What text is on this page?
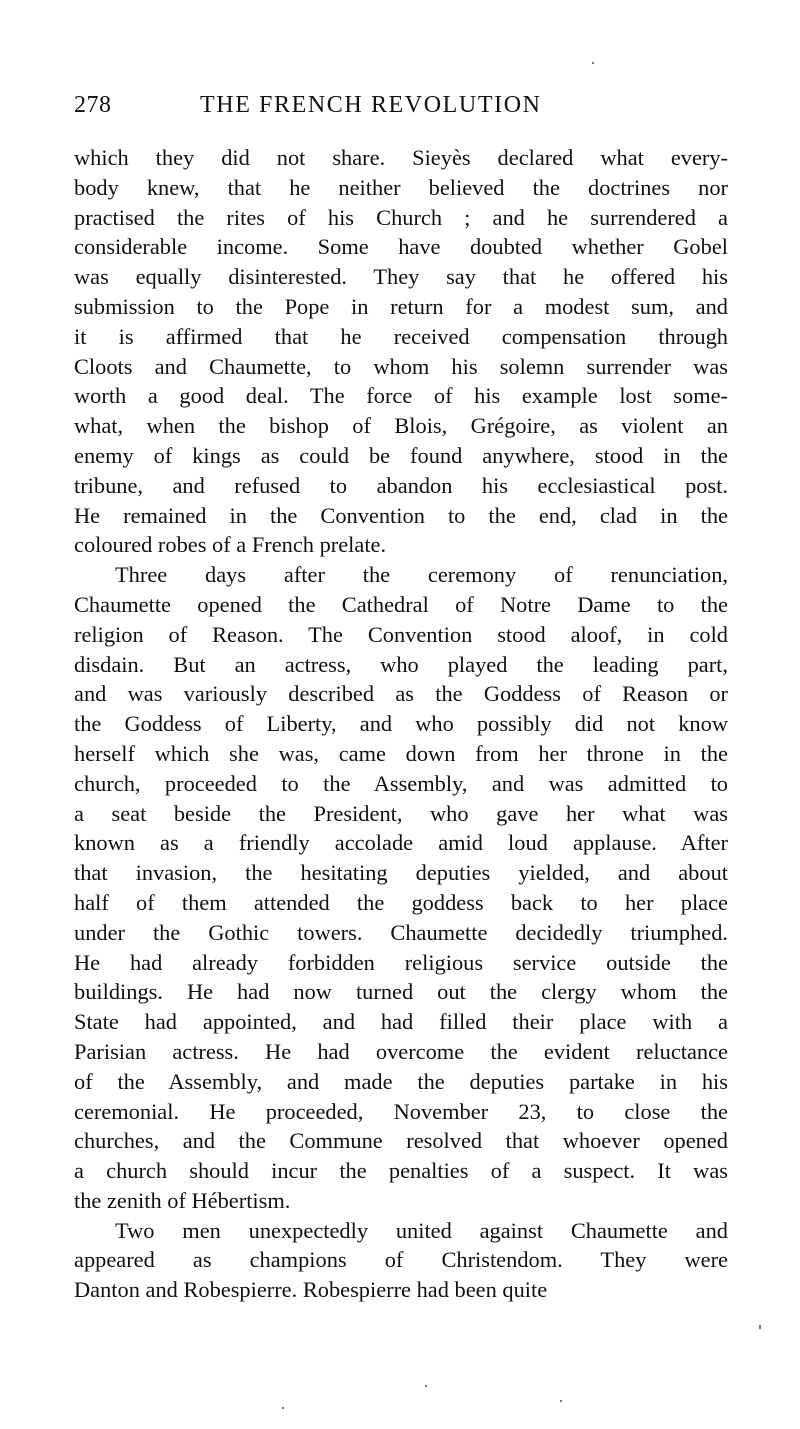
278	THE FRENCH REVOLUTION
which they did not share. Sieyès declared what every-
body knew, that he neither believed the doctrines nor
practised the rites of his Church ; and he surrendered a
considerable income. Some have doubted whether Gobel
was equally disinterested. They say that he offered his
submission to the Pope in return for a modest sum, and
it is affirmed that he received compensation through
Cloots and Chaumette, to whom his solemn surrender was
worth a good deal. The force of his example lost some-
what, when the bishop of Blois, Grégoire, as violent an
enemy of kings as could be found anywhere, stood in the
tribune, and refused to abandon his ecclesiastical post.
He remained in the Convention to the end, clad in the
coloured robes of a French prelate.
Three days after the ceremony of renunciation,
Chaumette opened the Cathedral of Notre Dame to the
religion of Reason. The Convention stood aloof, in cold
disdain. But an actress, who played the leading part,
and was variously described as the Goddess of Reason or
the Goddess of Liberty, and who possibly did not know
herself which she was, came down from her throne in the
church, proceeded to the Assembly, and was admitted to
a seat beside the President, who gave her what was
known as a friendly accolade amid loud applause. After
that invasion, the hesitating deputies yielded, and about
half of them attended the goddess back to her place
under the Gothic towers. Chaumette decidedly triumphed.
He had already forbidden religious service outside the
buildings. He had now turned out the clergy whom the
State had appointed, and had filled their place with a
Parisian actress. He had overcome the evident reluctance
of the Assembly, and made the deputies partake in his
ceremonial. He proceeded, November 23, to close the
churches, and the Commune resolved that whoever opened
a church should incur the penalties of a suspect. It was
the zenith of Hébertism.
Two men unexpectedly united against Chaumette and
appeared as champions of Christendom. They were
Danton and Robespierre. Robespierre had been quite
